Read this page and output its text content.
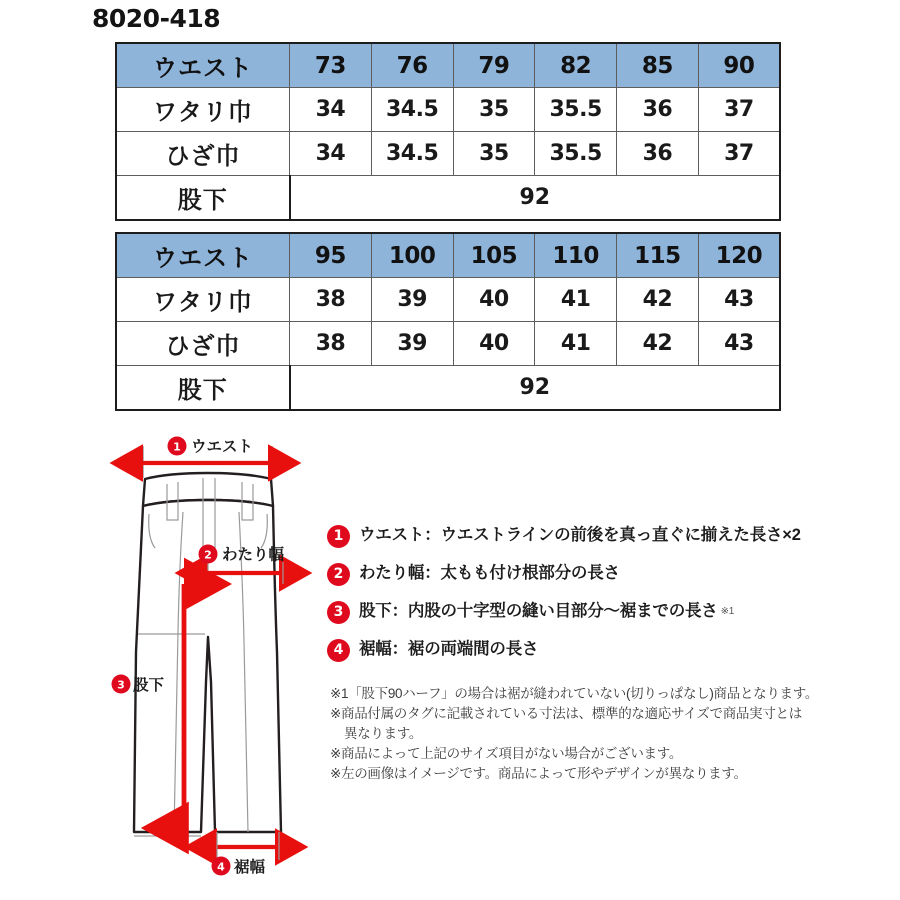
8020-418
ウエスト	73	76	79	82	85	90
ワタリ巾	34	34.5	35	35.5	36	37
ひざ巾	34	34.5	35	35.5	36	37
股下	92					
ウエスト	95	100	105	110	115	120
ワタリ巾	38	39	40	41	42	43
ひざ巾	38	39	40	41	42	43
股下	92					
1 ウエスト
2 わたり幅
3 股下
4 裾幅
1 ウエスト：ウエストラインの前後を真っ直ぐに揃えた長さ×2
2 わたり幅：太もも付け根部分の長さ
3 股下：内股の十字型の縫い目部分～裾までの長さ $^{※1}$
4 裾幅：裾の両端間の長さ
※1「股下90ハーフ」の場合は裾が縫われていない(切りっぱなし)商品となります。
※商品付属のタグに記載されている寸法は、標準的な適応サイズで商品実寸とは
異なります。
※商品によって上記のサイズ項目がない場合がございます。
※左の画像はイメージです。商品によって形やデザインが異なります。
